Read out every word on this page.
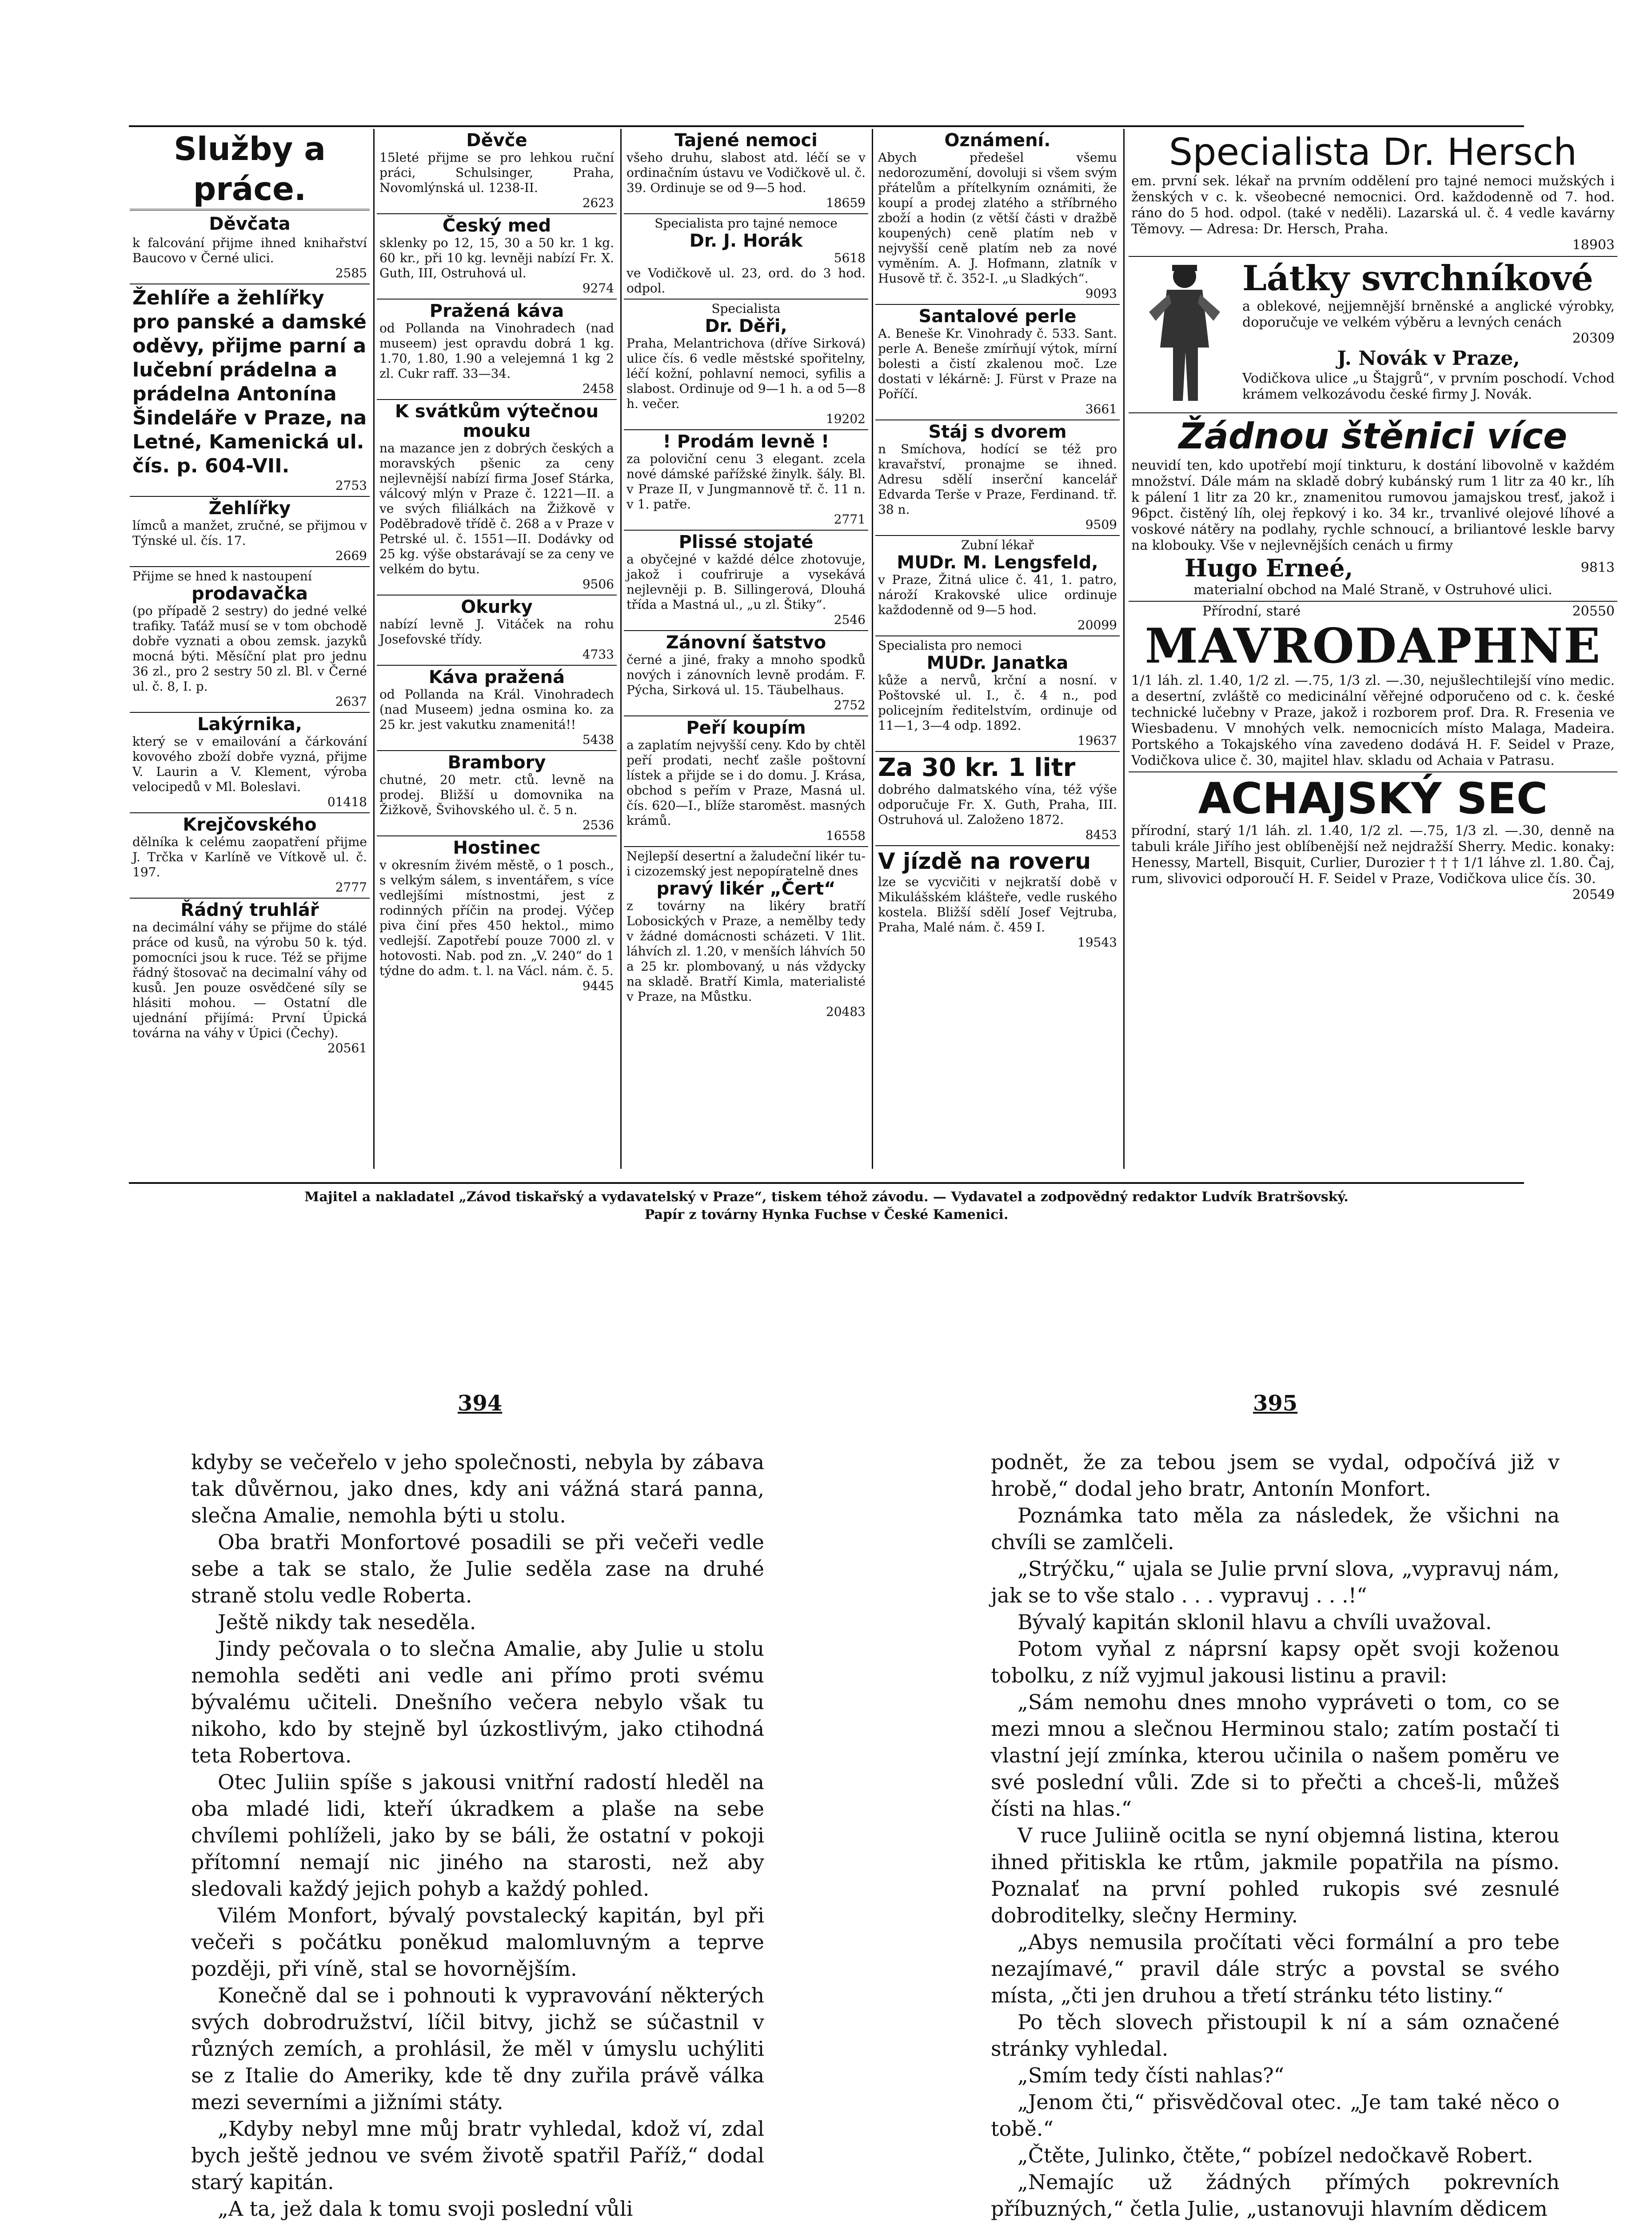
Služby a práce.
Děvčata
k falcování přijme ihned knihařství Baucovo v Černé ulici.
2585
Žehlíře a žehlířky pro panské a damské oděvy, přijme parní a lučební prádelna a prádelna Antonína Šindeláře v Praze, na Letné, Kamenická ul. čís. p. 604-VII.
2753
Žehlířky
límců a manžet, zručné, se přijmou v Týnské ul. čís. 17.
2669
Přijme se hned k nastoupení
prodavačka
(po případě 2 sestry) do jedné velké trafiky. Taťáž musí se v tom obchodě dobře vyznati a obou zemsk. jazyků mocná býti. Měsíční plat pro jednu 36 zl., pro 2 sestry 50 zl. Bl. v Černé ul. č. 8, I. p.
2637
Lakýrnika,
který se v emailování a čárkování kovového zboží dobře vyzná, přijme V. Laurin a V. Klement, výroba velocipedů v Ml. Boleslavi.
01418
Krejčovského
dělníka k celému zaopatření přijme J. Trčka v Karlíně ve Vítkově ul. č. 197.
2777
Řádný truhlář
na decimální váhy se přijme do stálé práce od kusů, na výrobu 50 k. týd. pomocníci jsou k ruce. Též se přijme řádný štosovač na decimalní váhy od kusů. Jen pouze osvědčené síly se hlásiti mohou. — Ostatní dle ujednání přijímá: První Úpická továrna na váhy v Úpici (Čechy).
20561
Děvče
15leté přijme se pro lehkou ruční práci, Schulsinger, Praha, Novomlýnská ul. 1238-II.
2623
Český med
sklenky po 12, 15, 30 a 50 kr. 1 kg. 60 kr., při 10 kg. levněji nabízí Fr. X. Guth, III, Ostruhová ul.
9274
Pražená káva
od Pollanda na Vinohradech (nad museem) jest opravdu dobrá 1 kg. 1.70, 1.80, 1.90 a velejemná 1 kg 2 zl. Cukr raff. 33—34.
2458
K svátkům výtečnou mouku
na mazance jen z dobrých českých a moravských pšenic za ceny nejlevnější nabízí firma Josef Stárka, válcový mlýn v Praze č. 1221—II. a ve svých filiálkách na Žižkově v Poděbradově třídě č. 268 a v Praze v Petrské ul. č. 1551—II. Dodávky od 25 kg. výše obstarávají se za ceny ve velkém do bytu.
9506
Okurky
nabízí levně J. Vitáček na rohu Josefovské třídy.
4733
Káva pražená
od Pollanda na Král. Vinohradech (nad Museem) jedna osmina ko. za 25 kr. jest vakutku znamenitá!!
5438
Brambory
chutné, 20 metr. ctů. levně na prodej. Bližší u domovnika na Žižkově, Švihovského ul. č. 5 n.
2536
Hostinec
v okresním živém městě, o 1 posch., s velkým sálem, s inventářem, s více vedlejšími místnostmi, jest z rodinných příčin na prodej. Výčep piva činí přes 450 hektol., mimo vedlejší. Zapotřebí pouze 7000 zl. v hotovosti. Nab. pod zn. „V. 240“ do 1 týdne do adm. t. l. na Václ. nám. č. 5.
9445
Tajené nemoci
všeho druhu, slabost atd. léčí se v ordinačním ústavu ve Vodičkově ul. č. 39. Ordinuje se od 9—5 hod.
18659
Specialista pro tajné nemoce
Dr. J. Horák
5618
ve Vodičkově ul. 23, ord. do 3 hod. odpol.
Specialista
Dr. Děři,
Praha, Melantrichova (dříve Sirková) ulice čís. 6 vedle městské spořitelny, léčí kožní, pohlavní nemoci, syfilis a slabost. Ordinuje od 9—1 h. a od 5—8 h. večer.
19202
! Prodám levně !
za poloviční cenu 3 elegant. zcela nové dámské pařížské žinylk. šály. Bl. v Praze II, v Jungmannově tř. č. 11 n. v 1. patře.
2771
Plissé stojaté
a obyčejné v každé délce zhotovuje, jakož i coufriruje a vysekává nejlevněji p. B. Sillingerová, Dlouhá třída a Mastná ul., „u zl. Štiky“.
2546
Zánovní šatstvo
černé a jiné, fraky a mnoho spodků nových i zánovních levně prodám. F. Pýcha, Sirková ul. 15. Täubelhaus.
2752
Peří koupím
a zaplatím nejvyšší ceny. Kdo by chtěl peří prodati, nechť zašle poštovní lístek a přijde se i do domu. J. Krása, obchod s peřím v Praze, Masná ul. čís. 620—I., blíže staroměst. masných krámů.
16558
Nejlepší desertní a žaludeční likér tu- i cizozemský jest nepopíratelně dnes
pravý likér „Čert“
z továrny na likéry bratří Lobosických v Praze, a nemělby tedy v žádné domácnosti scházeti. V 1lit. láhvích zl. 1.20, v menších láhvích 50 a 25 kr. plombovaný, u nás vždycky na skladě. Bratří Kimla, materialisté v Praze, na Můstku.
20483
Oznámení.
Abych předešel všemu nedorozumění, dovoluji si všem svým přátelům a přítelkyním oznámiti, že koupí a prodej zlatého a stříbrného zboží a hodin (z větší části v dražbě koupených) ceně platím neb v nejvyšší ceně platím neb za nové vyměním. A. J. Hofmann, zlatník v Husově tř. č. 352-I. „u Sladkých“.
9093
Santalové perle
A. Beneše Kr. Vinohrady č. 533. Sant. perle A. Beneše zmírňují výtok, mírní bolesti a čistí zkalenou moč. Lze dostati v lékárně: J. Fürst v Praze na Poříčí.
3661
Stáj s dvorem
n Smíchova, hodící se též pro kravařství, pronajme se ihned. Adresu sdělí inserční kancelář Edvarda Terše v Praze, Ferdinand. tř. 38 n.
9509
Zubní lékař
MUDr. M. Lengsfeld,
v Praze, Žitná ulice č. 41, 1. patro, nároží Krakovské ulice ordinuje každodenně od 9—5 hod.
20099
Specialista pro nemoci
MUDr. Janatka
kůže a nervů, krční a nosní. v Poštovské ul. I., č. 4 n., pod policejním ředitelstvím, ordinuje od 11—1, 3—4 odp. 1892.
19637
Za 30 kr. 1 litr
dobrého dalmatského vína, též výše odporučuje Fr. X. Guth, Praha, III. Ostruhová ul. Založeno 1872.
8453
V jízdě na roveru
lze se vycvičiti v nejkratší době v Mikulášském klášteře, vedle ruského kostela. Bližší sdělí Josef Vejtruba, Praha, Malé nám. č. 459 I.
19543
Specialista Dr. Hersch
em. první sek. lékař na prvním oddělení pro tajné nemoci mužských i ženských v c. k. všeobecné nemocnici. Ord. každodenně od 7. hod. ráno do 5 hod. odpol. (také v neděli). Lazarská ul. č. 4 vedle kavárny Těmovy. — Adresa: Dr. Hersch, Praha.
18903
Látky svrchníkové
a oblekové, nejjemnější brněnské a anglické výrobky, doporučuje ve velkém výběru a levných cenách
20309
J. Novák v Praze,
Vodičkova ulice „u Štajgrů“, v prvním poschodí. Vchod krámem velkozávodu české firmy J. Novák.
Žádnou štěnici více
neuvidí ten, kdo upotřebí mojí tinkturu, k dostání libovolně v každém množství. Dále mám na skladě dobrý kubánský rum 1 litr za 40 kr., líh k pálení 1 litr za 20 kr., znamenitou rumovou jamajskou tresť, jakož i 96pct. čistěný líh, olej řepkový i ko. 34 kr., trvanlivé olejové líhové a voskové nátěry na podlahy, rychle schnoucí, a briliantové leskle barvy na klobouky. Vše v nejlevnějších cenách u firmy
Hugo Erneé,	9813
materialní obchod na Malé Straně, v Ostruhové ulici.
Přírodní, staré	20550
MAVRODAPHNE
1/1 láh. zl. 1.40, 1/2 zl. —.75, 1/3 zl. —.30, nejušlechtilejší víno medic. a desertní, zvláště co medicinální věřejné odporučeno od c. k. české technické lučebny v Praze, jakož i rozborem prof. Dra. R. Fresenia ve Wiesbadenu. V mnohých velk. nemocnicích místo Malaga, Madeira. Portského a Tokajského vína zavedeno dodává H. F. Seidel v Praze, Vodičkova ulice č. 30, majitel hlav. skladu od Achaia v Patrasu.
ACHAJSKÝ SEC
přírodní, starý 1/1 láh. zl. 1.40, 1/2 zl. —.75, 1/3 zl. —.30, denně na tabuli krále Jiřího jest oblíbenější než nejdražší Sherry. Medic. konaky: Henessy, Martell, Bisquit, Curlier, Durozier † † † 1/1 láhve zl. 1.80. Čaj, rum, slivovici odporoučí H. F. Seidel v Praze, Vodičkova ulice čís. 30.
20549
Majitel a nakladatel „Závod tiskařský a vydavatelský v Praze“, tiskem téhož závodu. — Vydavatel a zodpovědný redaktor Ludvík Bratršovský.
Papír z továrny Hynka Fuchse v České Kamenici.
394	395

kdyby se večeřelo v jeho společnosti, nebyla by zábava tak důvěrnou, jako dnes, kdy ani vážná stará panna, slečna Amalie, nemohla býti u stolu.

Oba bratři Monfortové posadili se při večeři vedle sebe a tak se stalo, že Julie seděla zase na druhé straně stolu vedle Roberta.

Ještě nikdy tak neseděla.

Jindy pečovala o to slečna Amalie, aby Julie u stolu nemohla seděti ani vedle ani přímo proti svému bývalému učiteli. Dnešního večera nebylo však tu nikoho, kdo by stejně byl úzkostlivým, jako ctihodná teta Robertova.

Otec Juliin spíše s jakousi vnitřní radostí hleděl na oba mladé lidi, kteří úkradkem a plaše na sebe chvílemi pohlíželi, jako by se báli, že ostatní v pokoji přítomní nemají nic jiného na starosti, než aby sledovali každý jejich pohyb a každý pohled.

Vilém Monfort, bývalý povstalecký kapitán, byl při večeři s počátku poněkud malomluvným a teprve později, při víně, stal se hovornějším.

Konečně dal se i pohnouti k vypravování některých svých dobrodružství, líčil bitvy, jichž se súčastnil v různých zemích, a prohlásil, že měl v úmyslu uchýliti se z Italie do Ameriky, kde tě dny zuřila právě válka mezi severními a jižními státy.

„Kdyby nebyl mne můj bratr vyhledal, kdož ví, zdal bych ještě jednou ve svém životě spatřil Paříž,“ dodal starý kapitán.

„A ta, jež dala k tomu svoji poslední vůli

podnět, že za tebou jsem se vydal, odpočívá již v hrobě,“ dodal jeho bratr, Antonín Monfort.

Poznámka tato měla za následek, že všichni na chvíli se zamlčeli.

„Strýčku,“ ujala se Julie první slova, „vypravuj nám, jak se to vše stalo . . . vypravuj . . .!“

Bývalý kapitán sklonil hlavu a chvíli uvažoval.

Potom vyňal z náprsní kapsy opět svoji koženou tobolku, z níž vyjmul jakousi listinu a pravil:

„Sám nemohu dnes mnoho vypráveti o tom, co se mezi mnou a slečnou Herminou stalo; zatím postačí ti vlastní její zmínka, kterou učinila o našem poměru ve své poslední vůli. Zde si to přečti a chceš-li, můžeš čísti na hlas.“

V ruce Juliině ocitla se nyní objemná listina, kterou ihned přitiskla ke rtům, jakmile popatřila na písmo. Poznalať na první pohled rukopis své zesnulé dobroditelky, slečny Herminy.

„Abys nemusila pročítati věci formální a pro tebe nezajímavé,“ pravil dále strýc a povstal se svého místa, „čti jen druhou a třetí stránku této listiny.“

Po těch slovech přistoupil k ní a sám označené stránky vyhledal.

„Smím tedy čísti nahlas?“

„Jenom čti,“ přisvědčoval otec. „Je tam také něco o tobě.“

„Čtěte, Julinko, čtěte,“ pobízel nedočkavě Robert.

„Nemajíc už žádných přímých pokrevních příbuzných,“ četla Julie, „ustanovuji hlavním dědicem
